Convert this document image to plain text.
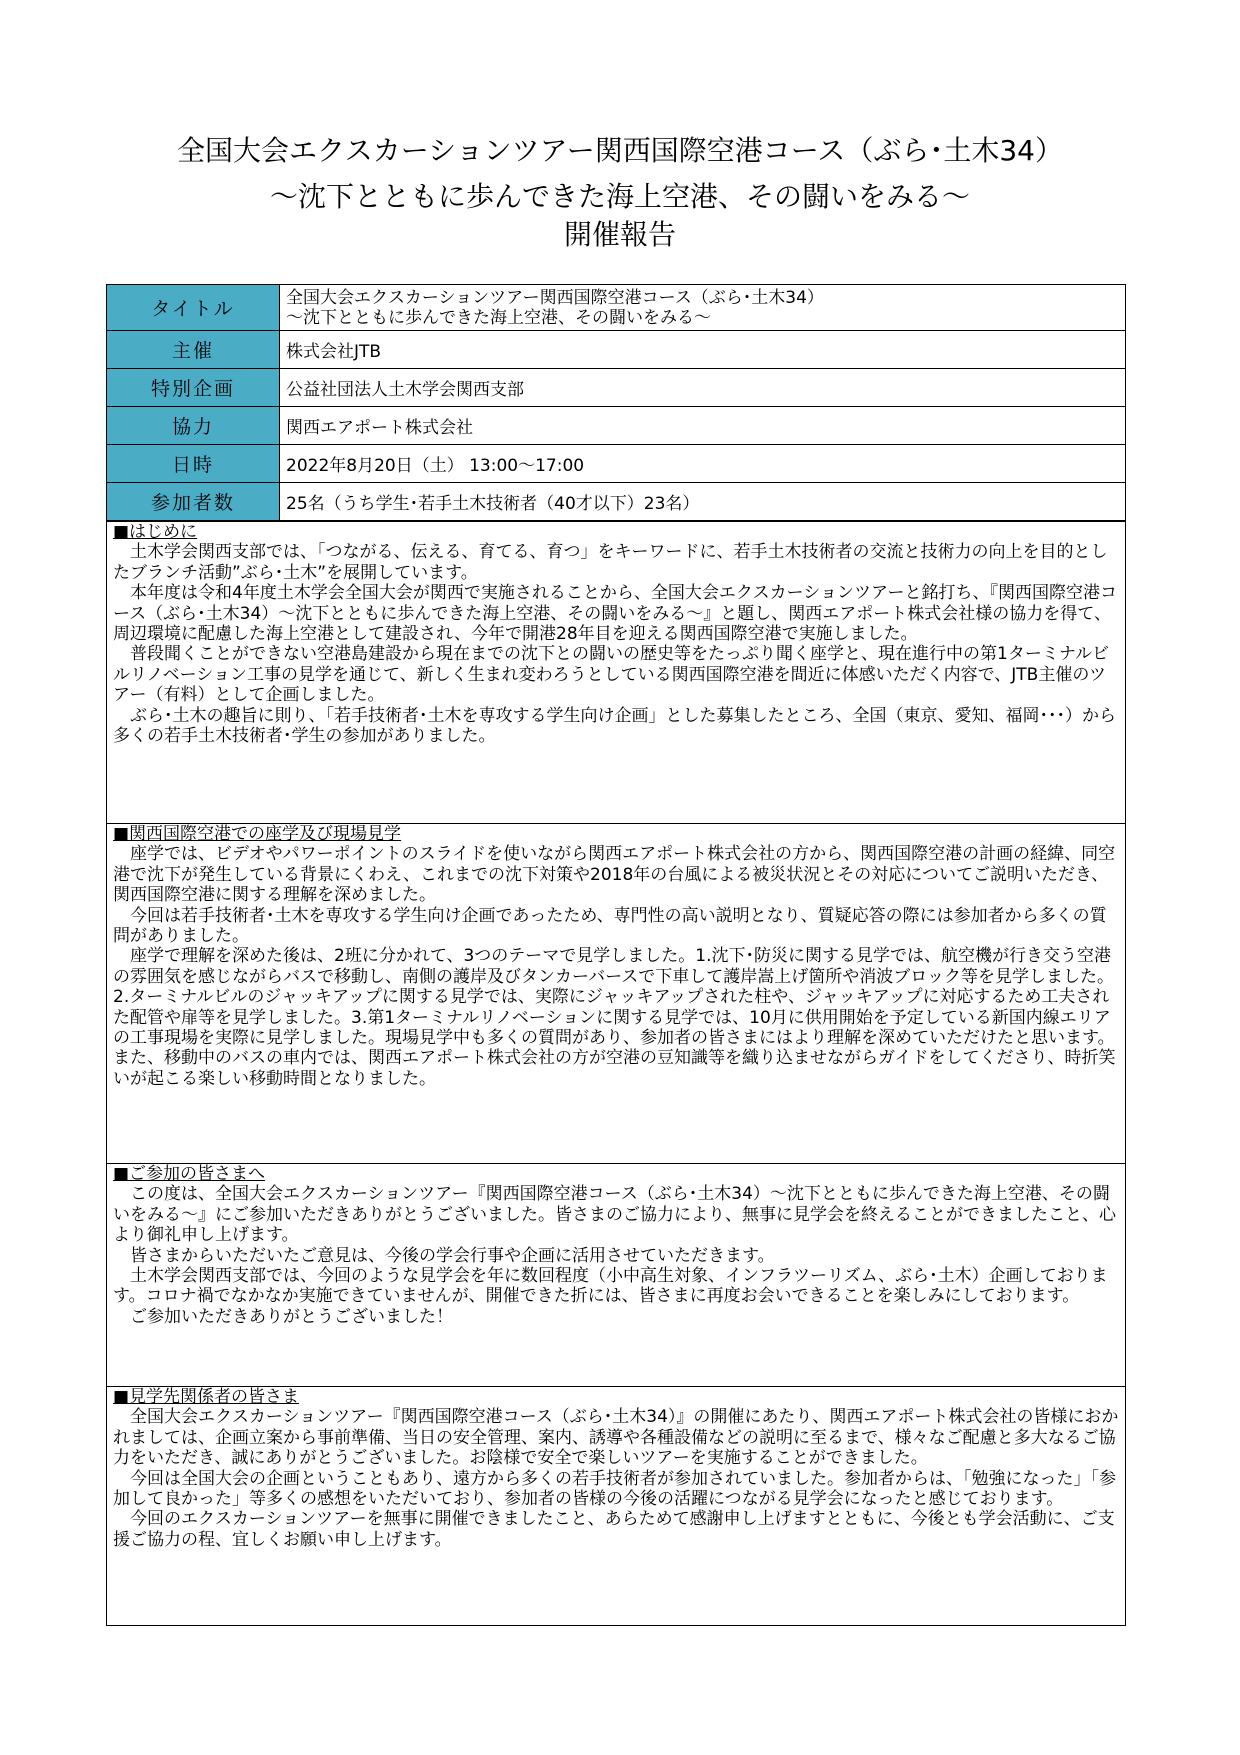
全国大会エクスカーションツアー関西国際空港コース（ぶら･土木34）
～沈下とともに歩んできた海上空港、その闘いをみる～
開催報告
タイトル	全国大会エクスカーションツアー関西国際空港コース（ぶら･土木34）
～沈下とともに歩んできた海上空港、その闘いをみる～

主催	株式会社JTB
特別企画	公益社団法人土木学会関西支部
協力	関西エアポート株式会社
日時	2022年8月20日（土） 13:00～17:00
参加者数	25名（うち学生･若手土木技術者（40才以下）23名）
■はじめに

土木学会関西支部では、「つながる、伝える、育てる、育つ」をキーワードに、若手土木技術者の交流と技術力の向上を目的としたブランチ活動”ぶら･土木”を展開しています。

本年度は令和4年度土木学会全国大会が関西で実施されることから、全国大会エクスカーションツアーと銘打ち、『関西国際空港コース（ぶら･土木34）～沈下とともに歩んできた海上空港、その闘いをみる～』と題し、関西エアポート株式会社様の協力を得て、周辺環境に配慮した海上空港として建設され、今年で開港28年目を迎える関西国際空港で実施しました。

普段聞くことができない空港島建設から現在までの沈下との闘いの歴史等をたっぷり聞く座学と、現在進行中の第1ターミナルビルリノベーション工事の見学を通じて、新しく生まれ変わろうとしている関西国際空港を間近に体感いただく内容で、JTB主催のツアー（有料）として企画しました。

ぶら･土木の趣旨に則り、「若手技術者･土木を専攻する学生向け企画」とした募集したところ、全国（東京、愛知、福岡･･･）から多くの若手土木技術者･学生の参加がありました。

■関西国際空港での座学及び現場見学

座学では、ビデオやパワーポイントのスライドを使いながら関西エアポート株式会社の方から、関西国際空港の計画の経緯、同空港で沈下が発生している背景にくわえ、これまでの沈下対策や2018年の台風による被災状況とその対応についてご説明いただき、関西国際空港に関する理解を深めました。

今回は若手技術者･土木を専攻する学生向け企画であったため、専門性の高い説明となり、質疑応答の際には参加者から多くの質問がありました。

座学で理解を深めた後は、2班に分かれて、3つのテーマで見学しました。1.沈下･防災に関する見学では、航空機が行き交う空港の雰囲気を感じながらバスで移動し、南側の護岸及びタンカーバースで下車して護岸嵩上げ箇所や消波ブロック等を見学しました。2.ターミナルビルのジャッキアップに関する見学では、実際にジャッキアップされた柱や、ジャッキアップに対応するため工夫された配管や扉等を見学しました。3.第1ターミナルリノベーションに関する見学では、10月に供用開始を予定している新国内線エリアの工事現場を実際に見学しました。現場見学中も多くの質問があり、参加者の皆さまにはより理解を深めていただけたと思います。また、移動中のバスの車内では、関西エアポート株式会社の方が空港の豆知識等を織り込ませながらガイドをしてくださり、時折笑いが起こる楽しい移動時間となりました。

■ご参加の皆さまへ

この度は、全国大会エクスカーションツアー『関西国際空港コース（ぶら･土木34）～沈下とともに歩んできた海上空港、その闘いをみる～』にご参加いただきありがとうございました。皆さまのご協力により、無事に見学会を終えることができましたこと、心より御礼申し上げます。

皆さまからいただいたご意見は、今後の学会行事や企画に活用させていただきます。

土木学会関西支部では、今回のような見学会を年に数回程度（小中高生対象、インフラツーリズム、ぶら･土木）企画しております。コロナ禍でなかなか実施できていませんが、開催できた折には、皆さまに再度お会いできることを楽しみにしております。

ご参加いただきありがとうございました！

■見学先関係者の皆さま

全国大会エクスカーションツアー『関西国際空港コース（ぶら･土木34）』の開催にあたり、関西エアポート株式会社の皆様におかれましては、企画立案から事前準備、当日の安全管理、案内、誘導や各種設備などの説明に至るまで、様々なご配慮と多大なるご協力をいただき、誠にありがとうございました。お陰様で安全で楽しいツアーを実施することができました。

今回は全国大会の企画ということもあり、遠方から多くの若手技術者が参加されていました。参加者からは、「勉強になった」「参加して良かった」等多くの感想をいただいており、参加者の皆様の今後の活躍につながる見学会になったと感じております。

今回のエクスカーションツアーを無事に開催できましたこと、あらためて感謝申し上げますとともに、今後とも学会活動に、ご支援ご協力の程、宜しくお願い申し上げます。
